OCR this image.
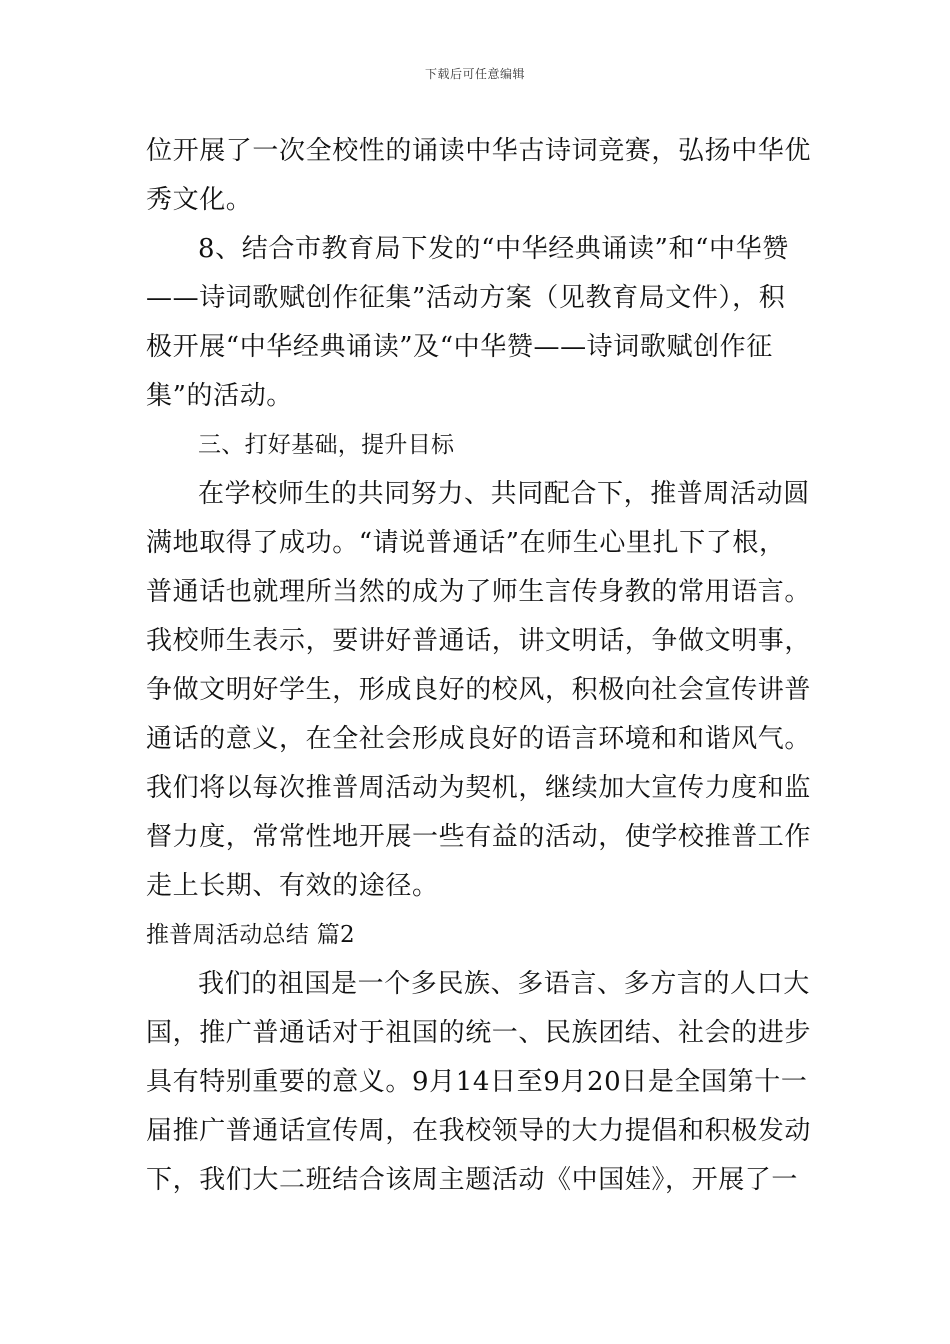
下载后可任意编辑
位开展了一次全校性的诵读中华古诗词竞赛，弘扬中华优
秀文化。
8、结合市教育局下发的“中华经典诵读”和“中华赞
——诗词歌赋创作征集”活动方案（见教育局文件），积
极开展“中华经典诵读”及“中华赞——诗词歌赋创作征
集”的活动。
三、打好基础，提升目标
在学校师生的共同努力、共同配合下，推普周活动圆
满地取得了成功。“请说普通话”在师生心里扎下了根，
普通话也就理所当然的成为了师生言传身教的常用语言。
我校师生表示，要讲好普通话，讲文明话，争做文明事，
争做文明好学生，形成良好的校风，积极向社会宣传讲普
通话的意义，在全社会形成良好的语言环境和和谐风气。
我们将以每次推普周活动为契机，继续加大宣传力度和监
督力度，常常性地开展一些有益的活动，使学校推普工作
走上长期、有效的途径。
推普周活动总结 篇2
我们的祖国是一个多民族、多语言、多方言的人口大
国，推广普通话对于祖国的统一、民族团结、社会的进步
具有特别重要的意义。9月14日至9月20日是全国第十一
届推广普通话宣传周，在我校领导的大力提倡和积极发动
下，我们大二班结合该周主题活动《中国娃》，开展了一
